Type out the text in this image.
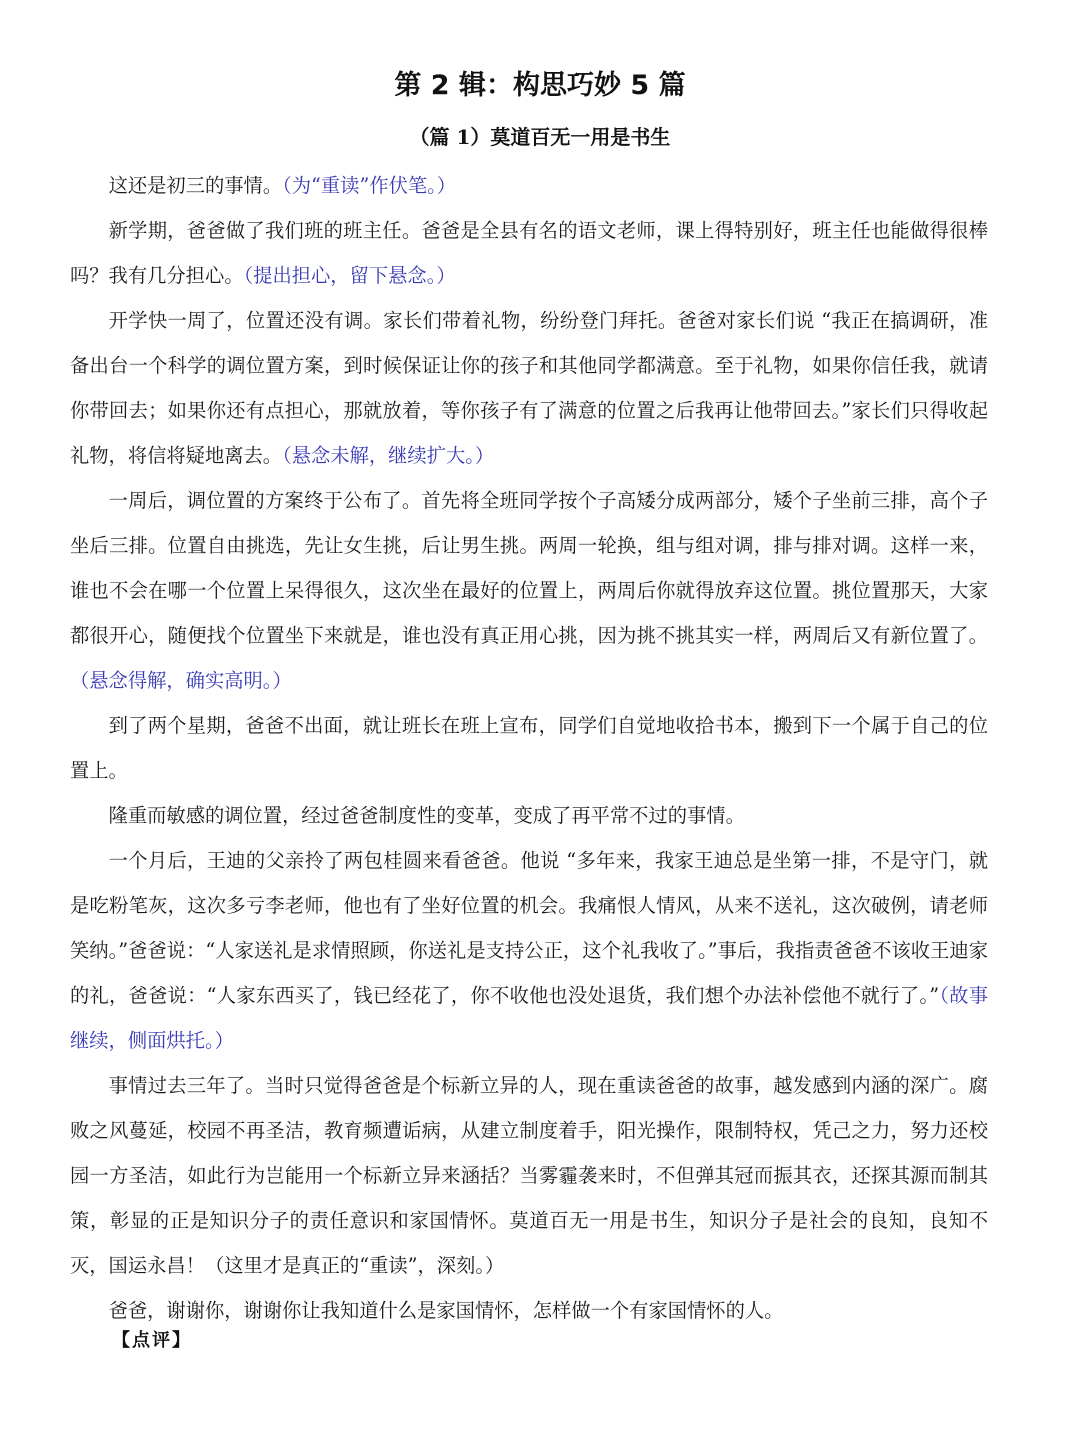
第 2 辑：构思巧妙 5 篇
（篇 1）莫道百无一用是书生

这还是初三的事情。（为“重读”作伏笔。）

新学期，爸爸做了我们班的班主任。爸爸是全县有名的语文老师，课上得特别好，班主任也能做得很棒吗？我有几分担心。（提出担心，留下悬念。）

开学快一周了，位置还没有调。家长们带着礼物，纷纷登门拜托。爸爸对家长们说 “我正在搞调研，准备出台一个科学的调位置方案，到时候保证让你的孩子和其他同学都满意。至于礼物，如果你信任我，就请你带回去；如果你还有点担心，那就放着，等你孩子有了满意的位置之后我再让他带回去。”家长们只得收起礼物，将信将疑地离去。（悬念未解，继续扩大。）

一周后，调位置的方案终于公布了。首先将全班同学按个子高矮分成两部分，矮个子坐前三排，高个子坐后三排。位置自由挑选，先让女生挑，后让男生挑。两周一轮换，组与组对调，排与排对调。这样一来，谁也不会在哪一个位置上呆得很久，这次坐在最好的位置上，两周后你就得放弃这位置。挑位置那天，大家都很开心，随便找个位置坐下来就是，谁也没有真正用心挑，因为挑不挑其实一样，两周后又有新位置了。（悬念得解，确实高明。）

到了两个星期，爸爸不出面，就让班长在班上宣布，同学们自觉地收拾书本，搬到下一个属于自己的位置上。

隆重而敏感的调位置，经过爸爸制度性的变革，变成了再平常不过的事情。

一个月后，王迪的父亲拎了两包桂圆来看爸爸。他说 “多年来，我家王迪总是坐第一排，不是守门，就是吃粉笔灰，这次多亏李老师，他也有了坐好位置的机会。我痛恨人情风，从来不送礼，这次破例，请老师笑纳。”爸爸说：“人家送礼是求情照顾，你送礼是支持公正，这个礼我收了。”事后，我指责爸爸不该收王迪家的礼，爸爸说：“人家东西买了，钱已经花了，你不收他也没处退货，我们想个办法补偿他不就行了。”（故事继续，侧面烘托。）

事情过去三年了。当时只觉得爸爸是个标新立异的人，现在重读爸爸的故事，越发感到内涵的深广。腐败之风蔓延，校园不再圣洁，教育频遭诟病，从建立制度着手，阳光操作，限制特权，凭己之力，努力还校园一方圣洁，如此行为岂能用一个标新立异来涵括？当雾霾袭来时，不但弹其冠而振其衣，还探其源而制其策，彰显的正是知识分子的责任意识和家国情怀。莫道百无一用是书生，知识分子是社会的良知，良知不灭，国运永昌！（这里才是真正的“重读”，深刻。）

爸爸，谢谢你，谢谢你让我知道什么是家国情怀，怎样做一个有家国情怀的人。

【点评】
